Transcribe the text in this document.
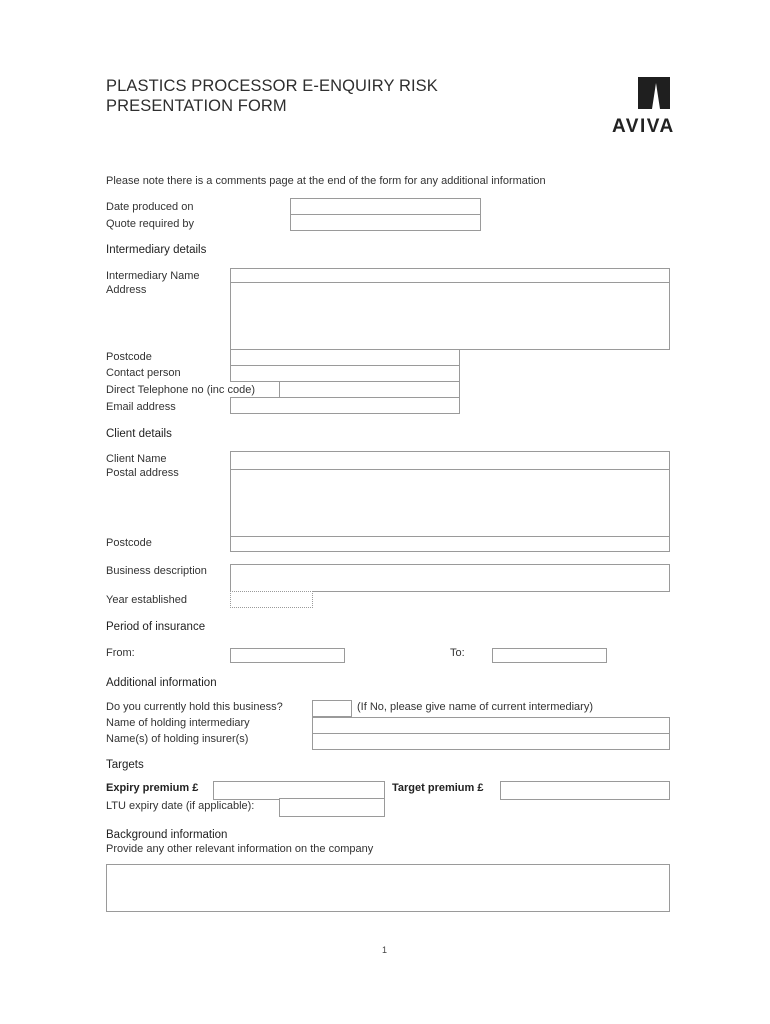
PLASTICS PROCESSOR E-ENQUIRY RISK
PRESENTATION FORM
AVIVA
Please note there is a comments page at the end of the form for any additional information
Date produced on
Quote required by
Intermediary details
Intermediary Name
Address
Postcode
Contact person
Direct Telephone no (inc code)
Email address
Client details
Client Name
Postal address
Postcode
Business description
Year established
Period of insurance
From:	To:
Additional information
Do you currently hold this business?	(If No, please give name of current intermediary)
Name of holding intermediary
Name(s) of holding insurer(s)
Targets
Expiry premium £	Target premium £
LTU expiry date (if applicable):
Background information
Provide any other relevant information on the company
1
